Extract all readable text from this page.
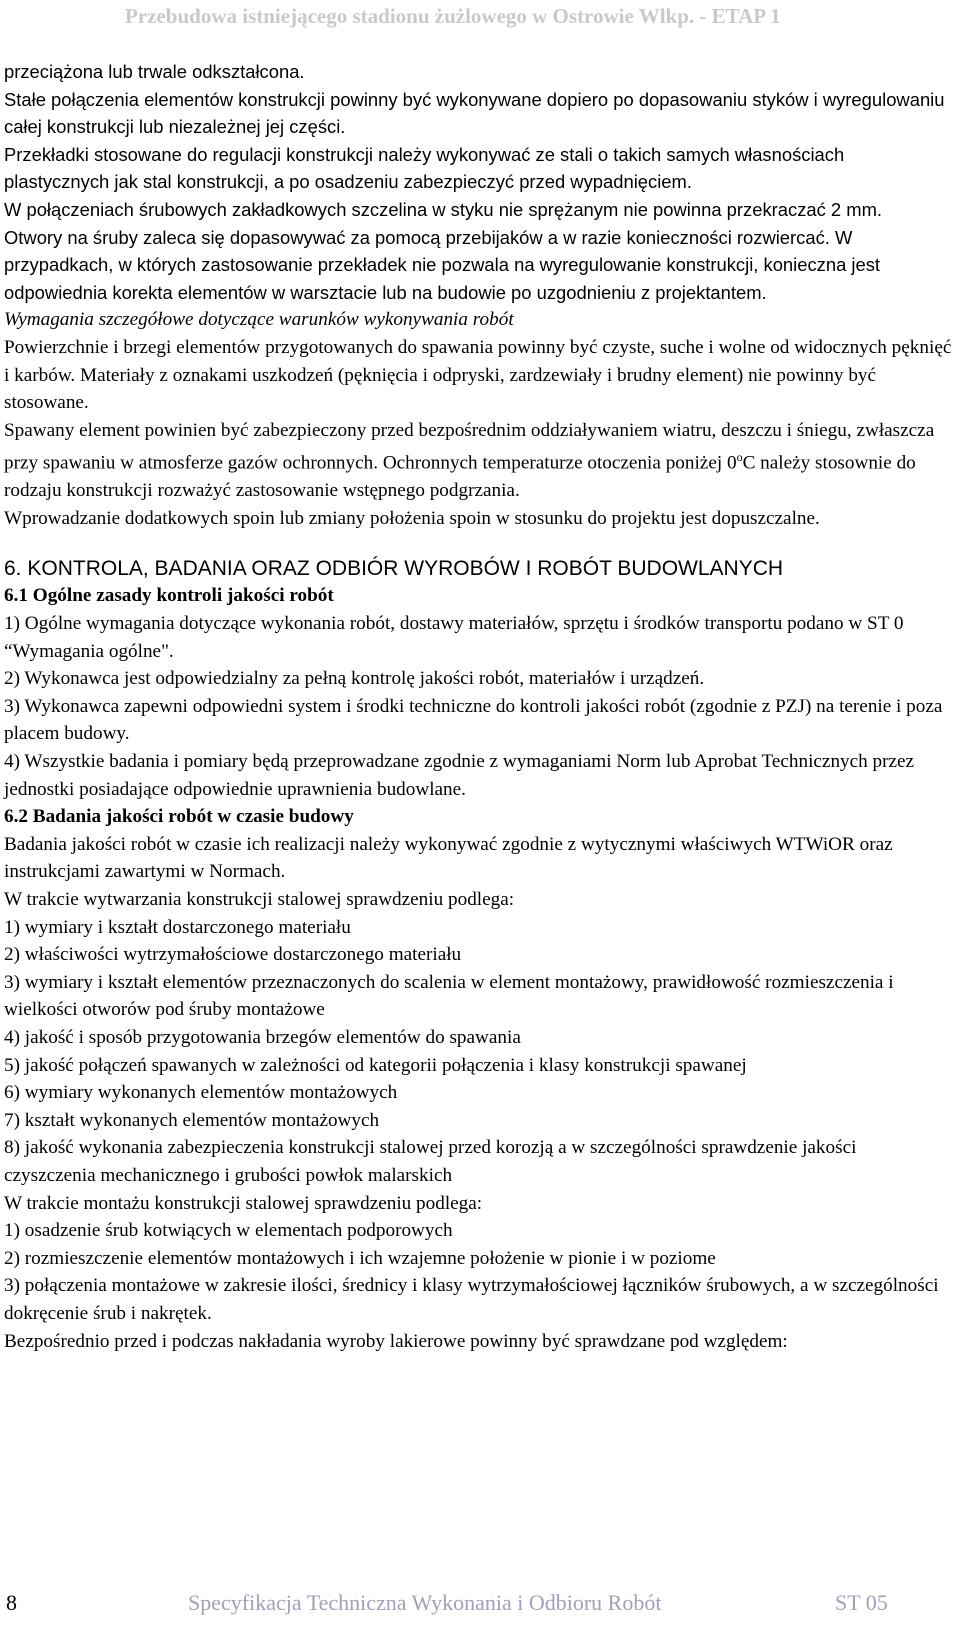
Przebudowa istniejącego stadionu żużlowego w Ostrowie Wlkp. - ETAP 1

przeciążona lub trwale odkształcona.

Stałe połączenia elementów konstrukcji powinny być wykonywane dopiero po dopasowaniu styków i wyregulowaniu całej konstrukcji lub niezależnej jej części.

Przekładki stosowane do regulacji konstrukcji należy wykonywać ze stali o takich samych własnościach plastycznych jak stal konstrukcji, a po osadzeniu zabezpieczyć przed wypadnięciem.

W połączeniach śrubowych zakładkowych szczelina w styku nie sprężanym nie powinna przekraczać 2 mm.

Otwory na śruby zaleca się dopasowywać za pomocą przebijaków a w razie konieczności rozwiercać. W przypadkach, w których zastosowanie przekładek nie pozwala na wyregulowanie konstrukcji, konieczna jest odpowiednia korekta elementów w warsztacie lub na budowie po uzgodnieniu z projektantem.

Wymagania szczegółowe dotyczące warunków wykonywania robót

Powierzchnie i brzegi elementów przygotowanych do spawania powinny być czyste, suche i wolne od widocznych pęknięć i karbów. Materiały z oznakami uszkodzeń (pęknięcia i odpryski, zardzewiały i brudny element) nie powinny być stosowane.

Spawany element powinien być zabezpieczony przed bezpośrednim oddziaływaniem wiatru, deszczu i śniegu, zwłaszcza przy spawaniu w atmosferze gazów ochronnych. Ochronnych temperaturze otoczenia poniżej 0$^o$C należy stosownie do rodzaju konstrukcji rozważyć zastosowanie wstępnego podgrzania.

Wprowadzanie dodatkowych spoin lub zmiany położenia spoin w stosunku do projektu jest dopuszczalne.

6. KONTROLA, BADANIA ORAZ ODBIÓR WYROBÓW I ROBÓT BUDOWLANYCH

6.1 Ogólne zasady kontroli jakości robót

1) Ogólne wymagania dotyczące wykonania robót, dostawy materiałów, sprzętu i środków transportu podano w ST 0 “Wymagania ogólne".

2) Wykonawca jest odpowiedzialny za pełną kontrolę jakości robót, materiałów i urządzeń.

3) Wykonawca zapewni odpowiedni system i środki techniczne do kontroli jakości robót (zgodnie z PZJ) na terenie i poza placem budowy.

4) Wszystkie badania i pomiary będą przeprowadzane zgodnie z wymaganiami Norm lub Aprobat Technicznych przez jednostki posiadające odpowiednie uprawnienia budowlane.

6.2 Badania jakości robót w czasie budowy

Badania jakości robót w czasie ich realizacji należy wykonywać zgodnie z wytycznymi właściwych WTWiOR oraz instrukcjami zawartymi w Normach.

W trakcie wytwarzania konstrukcji stalowej sprawdzeniu podlega:

1) wymiary i kształt dostarczonego materiału

2) właściwości wytrzymałościowe dostarczonego materiału

3) wymiary i kształt elementów przeznaczonych do scalenia w element montażowy, prawidłowość rozmieszczenia i wielkości otworów pod śruby montażowe

4) jakość i sposób przygotowania brzegów elementów do spawania

5) jakość połączeń spawanych w zależności od kategorii połączenia i klasy konstrukcji spawanej

6) wymiary wykonanych elementów montażowych

7) kształt wykonanych elementów montażowych

8) jakość wykonania zabezpieczenia konstrukcji stalowej przed korozją a w szczególności sprawdzenie jakości czyszczenia mechanicznego i grubości powłok malarskich

W trakcie montażu konstrukcji stalowej sprawdzeniu podlega:

1) osadzenie śrub kotwiących w elementach podporowych

2) rozmieszczenie elementów montażowych i ich wzajemne położenie w pionie i w poziome

3) połączenia montażowe w zakresie ilości, średnicy i klasy wytrzymałościowej łączników śrubowych, a w szczególności dokręcenie śrub i nakrętek.

Bezpośrednio przed i podczas nakładania wyroby lakierowe powinny być sprawdzane pod względem:

8	Specyfikacja Techniczna Wykonania i Odbioru Robót	ST 05
